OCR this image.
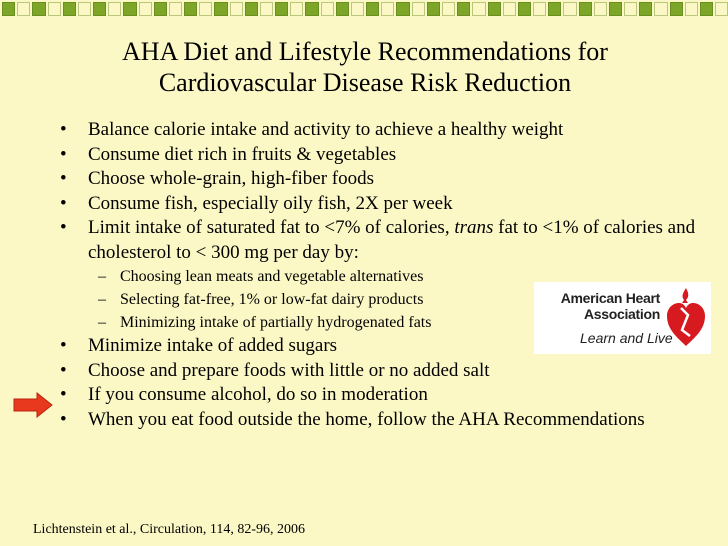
AHA Diet and Lifestyle Recommendations for
Cardiovascular Disease Risk Reduction
• Balance calorie intake and activity to achieve a healthy weight
• Consume diet rich in fruits & vegetables
• Choose whole-grain, high-fiber foods
• Consume fish, especially oily fish, 2X per week
• Limit intake of saturated fat to <7% of calories, trans fat to <1% of calories and cholesterol to < 300 mg per day by:
– Choosing lean meats and vegetable alternatives
– Selecting fat-free, 1% or low-fat dairy products
– Minimizing intake of partially hydrogenated fats
• Minimize intake of added sugars
• Choose and prepare foods with little or no added salt
• If you consume alcohol, do so in moderation
• When you eat food outside the home, follow the AHA Recommendations
American Heart Association
Learn and Live
Lichtenstein et al., Circulation, 114, 82-96, 2006
